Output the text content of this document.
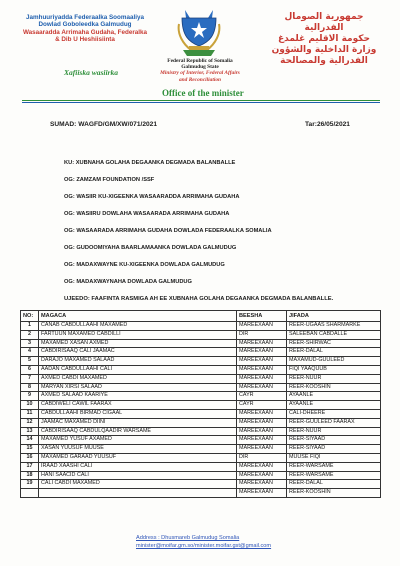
Jamhuuriyadda Federaalka Soomaaliya
Dowlad Goboleedka Galmudug
Wasaaradda Arrimaha Gudaha, Federalka
& Dib U Heshiisiinta
جمهورية الصومال الفدرالية
حكومة الاقليم غلمدغ
وزارة الداخلية والشؤون
الفدرالية والمصالحة
Federal Republic of Somalia
Galmudug State
Ministry of Interior, Federal Affairs
and Reconciliation
Xafiiska wasiirka
Office of the minister
SUMAD: WAGFD/GM/XW/071/2021	Tar:26/05/2021
KU: XUBNAHA GOLAHA DEGAANKA DEGMADA BALANBALLE
OG: ZAMZAM FOUNDATION /SSF
OG: WASIIR KU-XIGEENKA WASAARADDA ARRIMAHA GUDAHA
OG: WASIIRU DOWLAHA WASAARADA ARRIMAHA GUDAHA
OG: WASAARADA ARRIMAHA GUDAHA DOWLADA FEDERAALKA SOMALIA
OG: GUDOOMIYAHA BAARLAMAANKA DOWLADA GALMUDUG
OG: MADAXWAYNE KU-XIGEENKA DOWLADA GALMUDUG
OG: MADAXWAYNAHA DOWLADA GALMUDUG
UJEEDO: FAAFINTA RASMIGA AH EE XUBNAHA GOLAHA DEGAANKA DEGMADA BALANBALLE.
NO:	MAGACA	BEESHA	JIFADA
1	CANAB CABDULLAAHI MAXAMED	MAREEXAAN	REER-UGAAS SHARMARKE
2	FARTUUN MAXAMED CABDILLI	DIR	SALEEBAN CABDALLE
3	MAXAMED XASAN AXMED	MAREEXAAN	REER-SHIRWAC
4	CABDIRISAAQ CALI JAAMAC	MAREEXAAN	REER-DALAL
5	DARAJO MAXAMED SALAAD	MAREEXAAN	MAXAMUD-GUULEED
6	AADAN CABDULLAAHI CALI	MAREEXAAN	FIQI YAAQUUB
7	AXMED CABDI MAXAMED	MAREEXAAN	REER-NUUR
8	MARYAN XIRSI SALAAD	MAREEXAAN	REER-KOOSHIN
9	AXMED SALAAD KAARIYE	CAYR	AYAANLE
10	CABDIWELI CAWIL FAARAX	CAYR	AYAANLE
11	CABDULLAAHI BIRMAD CIGAAL	MAREEXAAN	CALI-DHEERE
12	JAAMAC MAXAMED DIINI	MAREEXAAN	REER-GUULEED FAARAX
13	CABDIRISAAQ CABDULQAADIR WARSAME	MAREEXAAN	REER-NUUR
14	MAXAMED YUSUF AXAMED	MAREEXAAN	REER-SIYAAD
15	XASAN YUUSUF MUUSE	MAREEXAAN	REER-SIYAAD
16	MAXAMED GARAAD YUUSUF	DIR	MUUSE FIQI
17	IRAAD XAASHI CALI	MAREEXAAN	REER-WARSAME
18	HANI SAACID CALI	MAREEXAAN	REER-WARSAME
19	CALI CABDI MAXAMED	MAREEXAAN	REER-DALAL
		MAREEXAAN	REER-KOOSHIN
Address : Dhusmareb Galmudug Somalia
minister@moifar.gm.so/minister.moifar.gst@gmail.com
